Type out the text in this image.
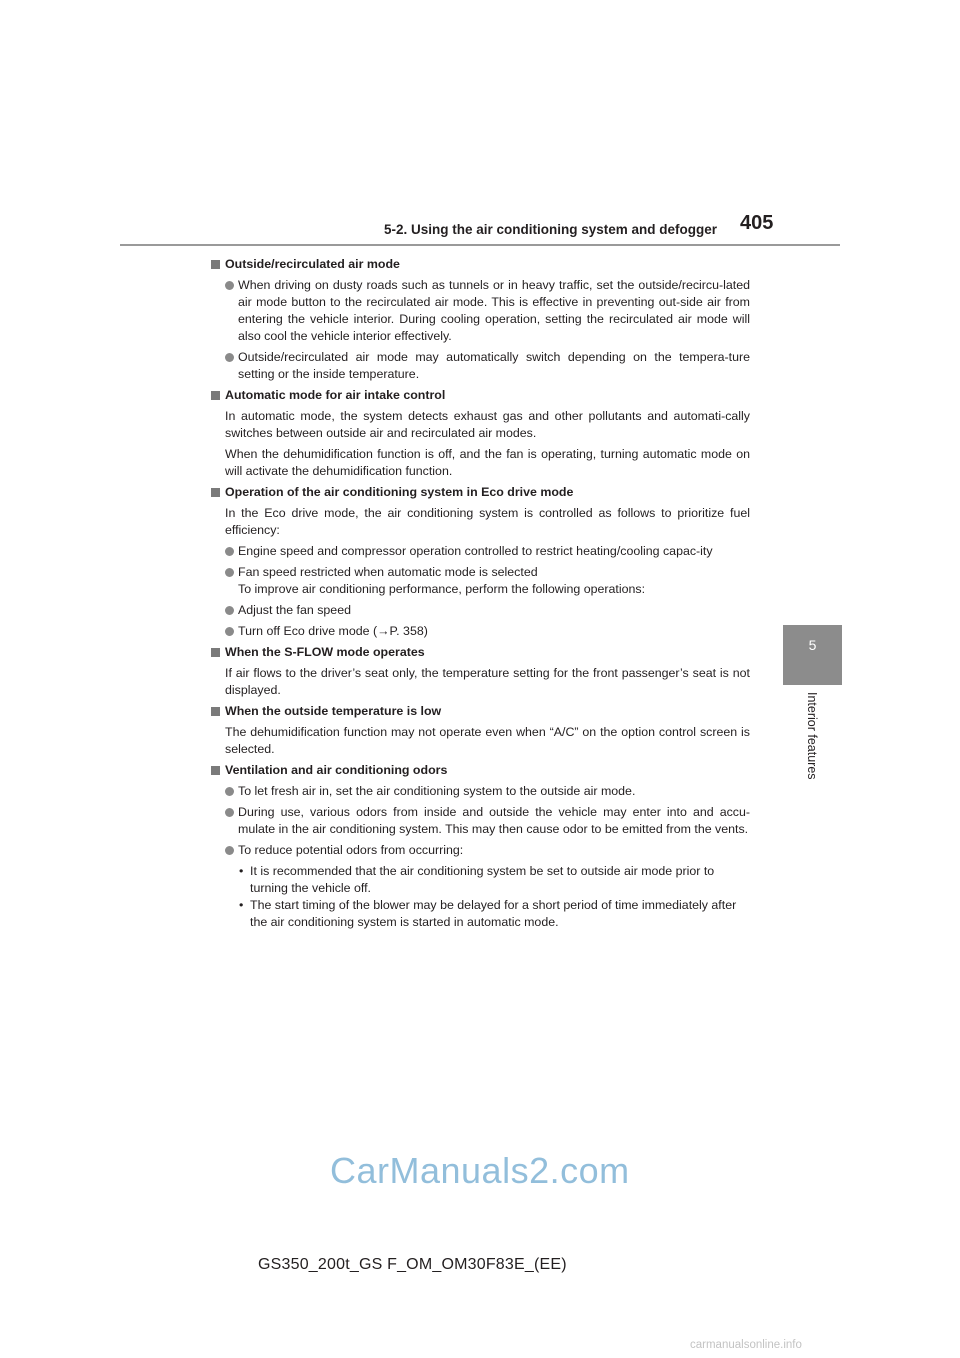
5-2. Using the air conditioning system and defogger 405
5
Interior features
Outside/recirculated air mode
When driving on dusty roads such as tunnels or in heavy traffic, set the outside/recircu-lated air mode button to the recirculated air mode. This is effective in preventing out-side air from entering the vehicle interior. During cooling operation, setting the recirculated air mode will also cool the vehicle interior effectively.
Outside/recirculated air mode may automatically switch depending on the tempera-ture setting or the inside temperature.
Automatic mode for air intake control
In automatic mode, the system detects exhaust gas and other pollutants and automati-cally switches between outside air and recirculated air modes.
When the dehumidification function is off, and the fan is operating, turning automatic mode on will activate the dehumidification function.
Operation of the air conditioning system in Eco drive mode
In the Eco drive mode, the air conditioning system is controlled as follows to prioritize fuel efficiency:
Engine speed and compressor operation controlled to restrict heating/cooling capac-ity
Fan speed restricted when automatic mode is selected
To improve air conditioning performance, perform the following operations:
Adjust the fan speed
Turn off Eco drive mode (→P. 358)
When the S-FLOW mode operates
If air flows to the driver’s seat only, the temperature setting for the front passenger’s seat is not displayed.
When the outside temperature is low
The dehumidification function may not operate even when “A/C” on the option control screen is selected.
Ventilation and air conditioning odors
To let fresh air in, set the air conditioning system to the outside air mode.
During use, various odors from inside and outside the vehicle may enter into and accu-mulate in the air conditioning system. This may then cause odor to be emitted from the vents.
To reduce potential odors from occurring:
• It is recommended that the air conditioning system be set to outside air mode prior to turning the vehicle off.
• The start timing of the blower may be delayed for a short period of time immediately after the air conditioning system is started in automatic mode.
CarManuals2.com
GS350_200t_GS F_OM_OM30F83E_(EE)
carmanualsonline.info
